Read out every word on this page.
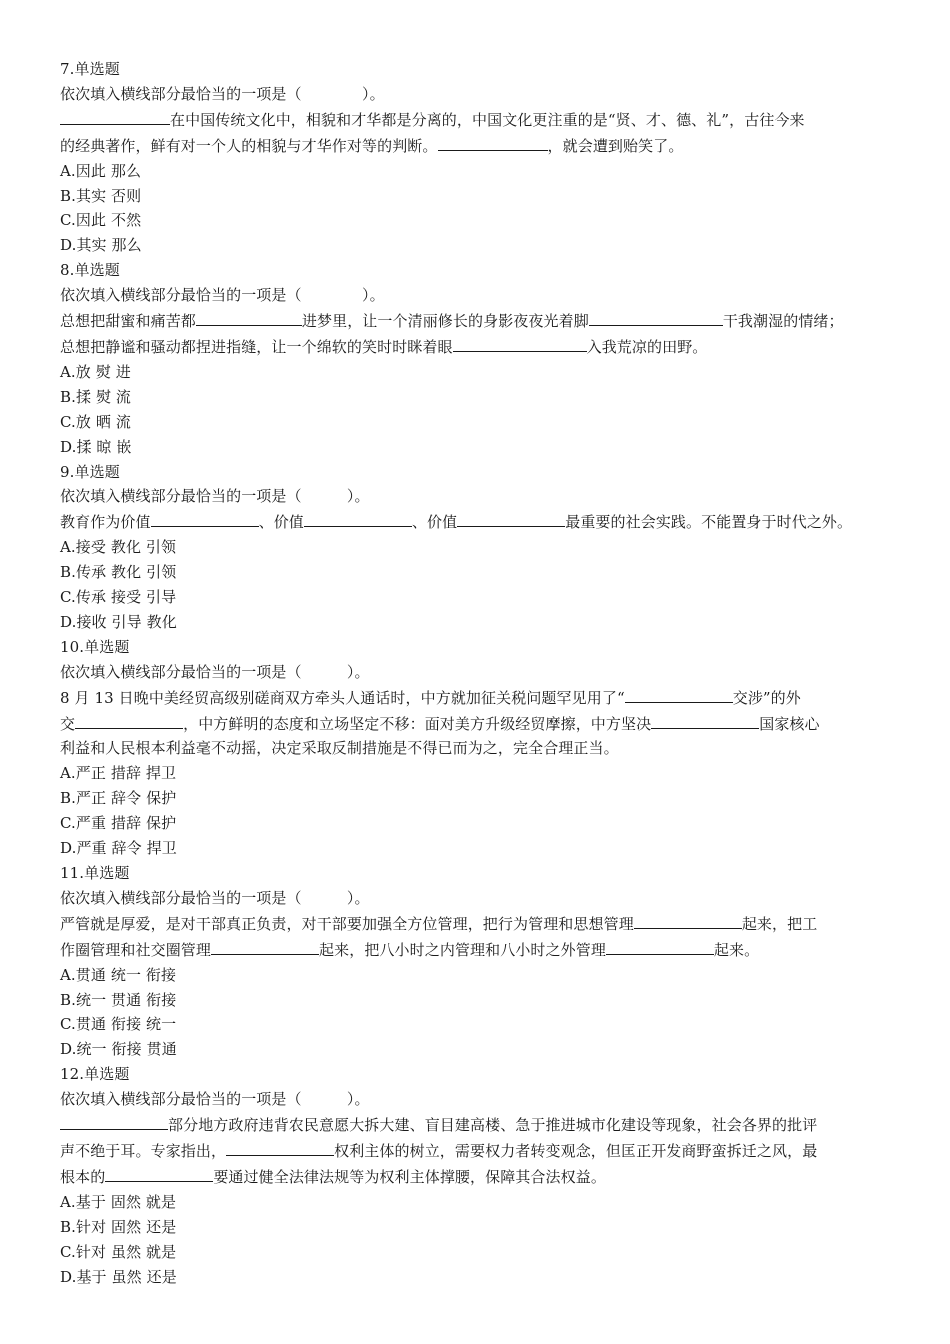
7.单选题
依次填入横线部分最恰当的一项是（　　　　）。
在中国传统文化中，相貌和才华都是分离的，中国文化更注重的是“贤、才、德、礼”，古往今来
的经典著作，鲜有对一个人的相貌与才华作对等的判断。	，就会遭到贻笑了。
A.因此 那么
B.其实 否则
C.因此 不然
D.其实 那么
8.单选题
依次填入横线部分最恰当的一项是（　　　　）。
总想把甜蜜和痛苦都	进梦里，让一个清丽修长的身影夜夜光着脚	干我潮湿的情绪；
总想把静谧和骚动都捏进指缝，让一个绵软的笑时时眯着眼	入我荒凉的田野。
A.放 熨 进
B.揉 熨 流
C.放 晒 流
D.揉 晾 嵌
9.单选题
依次填入横线部分最恰当的一项是（　　　）。
教育作为价值	、价值	、价值	最重要的社会实践。不能置身于时代之外。
A.接受 教化 引领
B.传承 教化 引领
C.传承 接受 引导
D.接收 引导 教化
10.单选题
依次填入横线部分最恰当的一项是（　　　）。
8 月 13 日晚中美经贸高级别磋商双方牵头人通话时，中方就加征关税问题罕见用了“	交涉”的外
交	，中方鲜明的态度和立场坚定不移：面对美方升级经贸摩擦，中方坚决	国家核心
利益和人民根本利益毫不动摇，决定采取反制措施是不得已而为之，完全合理正当。
A.严正 措辞 捍卫
B.严正 辞令 保护
C.严重 措辞 保护
D.严重 辞令 捍卫
11.单选题
依次填入横线部分最恰当的一项是（　　　）。
严管就是厚爱，是对干部真正负责，对干部要加强全方位管理，把行为管理和思想管理	起来，把工
作圈管理和社交圈管理	起来，把八小时之内管理和八小时之外管理	起来。
A.贯通 统一 衔接
B.统一 贯通 衔接
C.贯通 衔接 统一
D.统一 衔接 贯通
12.单选题
依次填入横线部分最恰当的一项是（　　　）。
部分地方政府违背农民意愿大拆大建、盲目建高楼、急于推进城市化建设等现象，社会各界的批评
声不绝于耳。专家指出，	权利主体的树立，需要权力者转变观念，但匡正开发商野蛮拆迁之风，最
根本的	要通过健全法律法规等为权利主体撑腰，保障其合法权益。
A.基于 固然 就是
B.针对 固然 还是
C.针对 虽然 就是
D.基于 虽然 还是
